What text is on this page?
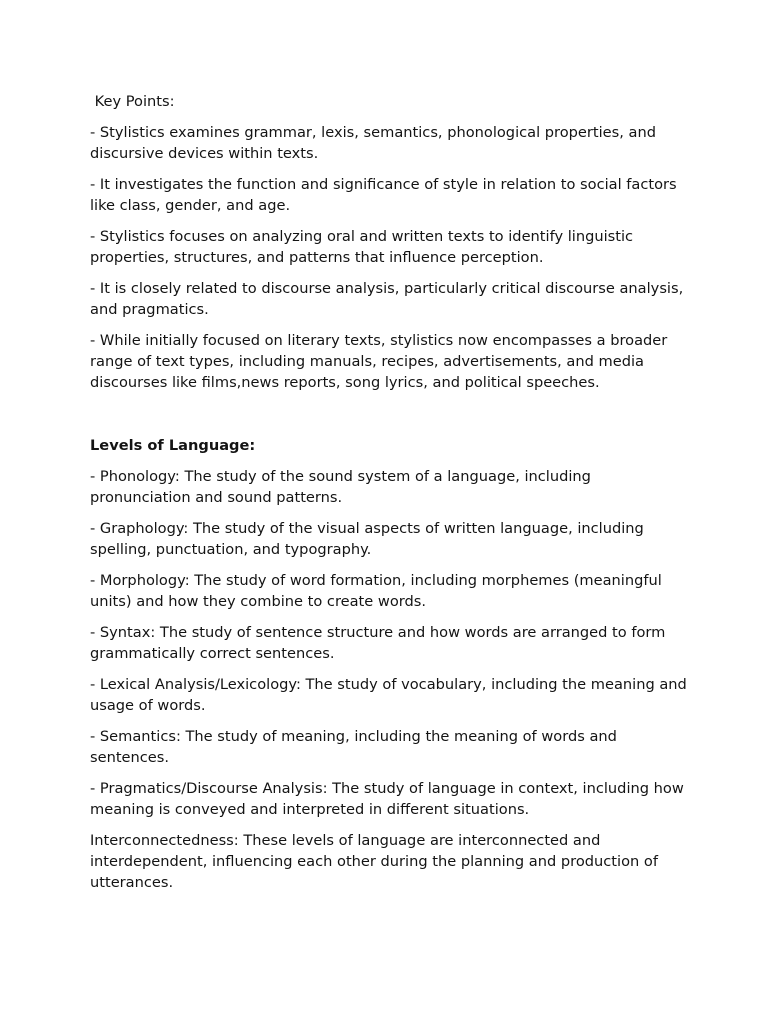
Key Points:

- Stylistics examines grammar, lexis, semantics, phonological properties, and discursive devices within texts.

- It investigates the function and significance of style in relation to social factors like class, gender, and age.

- Stylistics focuses on analyzing oral and written texts to identify linguistic properties, structures, and patterns that influence perception.

- It is closely related to discourse analysis, particularly critical discourse analysis, and pragmatics.

- While initially focused on literary texts, stylistics now encompasses a broader range of text types, including manuals, recipes, advertisements, and media discourses like films,news reports, song lyrics, and political speeches.

Levels of Language:

- Phonology: The study of the sound system of a language, including pronunciation and sound patterns.

- Graphology: The study of the visual aspects of written language, including spelling, punctuation, and typography.

- Morphology: The study of word formation, including morphemes (meaningful units) and how they combine to create words.

- Syntax: The study of sentence structure and how words are arranged to form grammatically correct sentences.

- Lexical Analysis/Lexicology: The study of vocabulary, including the meaning and usage of words.

- Semantics: The study of meaning, including the meaning of words and sentences.

- Pragmatics/Discourse Analysis: The study of language in context, including how meaning is conveyed and interpreted in different situations.

Interconnectedness: These levels of language are interconnected and interdependent, influencing each other during the planning and production of utterances.
